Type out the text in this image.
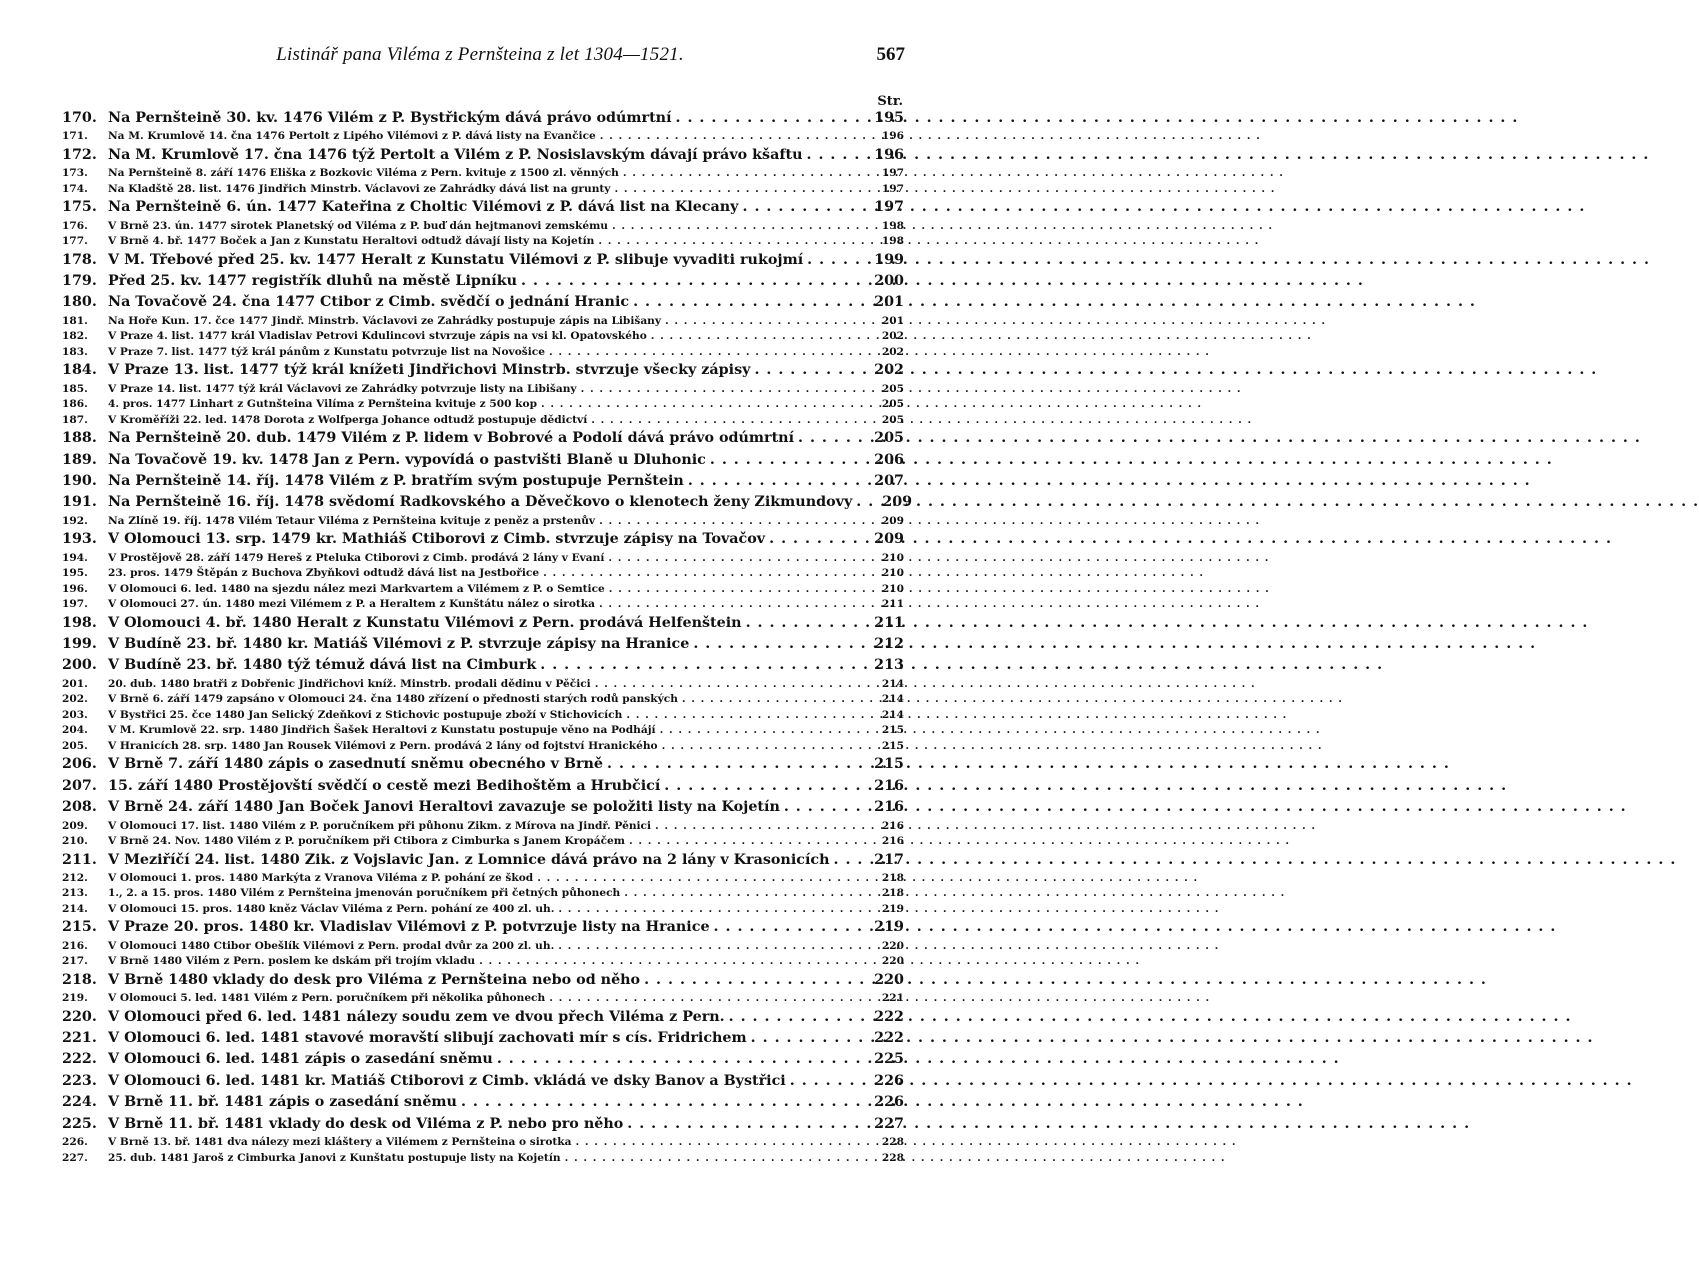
Listinář pana Viléma z Pernšteina z let 1304—1521.	567
Str.
170. Na Pernšteině 30. kv. 1476 Vilém z P. Bystřickým dává právo odúmrtní . . .	195
171.	Na M. Krumlově 14. čna 1476 Pertolt z Lipého Vilémovi z P. dává listy na Evančice . . .	196
172. Na M. Krumlově 17. čna 1476 týž Pertolt a Vilém z P. Nosislavským dávají právo kšaftu . . .	196
173.	Na Pernšteině 8. září 1476 Eliška z Bozkovic Viléma z Pern. kvituje z 1500 zl. věnných . . .	197
174.	Na Kladště 28. list. 1476 Jindřich Minstrb. Václavovi ze Zahrádky dává list na grunty . . .	197
175. Na Pernšteině 6. ún. 1477 Kateřina z Choltic Vilémovi z P. dává list na Klecany . . .	197
176.	V Brně 23. ún. 1477 sirotek Planetský od Viléma z P. buď dán hejtmanovi zemskému . . .	198
177.	V Brně 4. bř. 1477 Boček a Jan z Kunstatu Heraltovi odtudž dávají listy na Kojetín . . .	198
178. V M. Třebové před 25. kv. 1477 Heralt z Kunstatu Vilémovi z P. slibuje vyvaditi rukojmí . . .	199
179. Před 25. kv. 1477 registřík dluhů na městě Lipníku . . .	200
180. Na Tovačově 24. čna 1477 Ctibor z Cimb. svědčí o jednání Hranic . . .	201
181.	Na Hoře Kun. 17. čce 1477 Jindř. Minstrb. Václavovi ze Zahrádky postupuje zápis na Libišany . . .	201
182.	V Praze 4. list. 1477 král Vladislav Petrovi Kdulincovi stvrzuje zápis na vsi kl. Opatovského . . .	202
183.	V Praze 7. list. 1477 týž král pánům z Kunstatu potvrzuje list na Novošice . . .	202
184. V Praze 13. list. 1477 týž král knížeti Jindřichovi Minstrb. stvrzuje všecky zápisy . . .	202
185.	V Praze 14. list. 1477 týž král Václavovi ze Zahrádky potvrzuje listy na Libišany . . .	205
186.	4. pros. 1477 Linhart z Gutnšteina Vilíma z Pernšteina kvituje z 500 kop . . .	205
187.	V Kroměříži 22. led. 1478 Dorota z Wolfperga Johance odtudž postupuje dědictví . . .	205
188. Na Pernšteině 20. dub. 1479 Vilém z P. lidem v Bobrové a Podolí dává právo odúmrtní . . .	205
189. Na Tovačově 19. kv. 1478 Jan z Pern. vypovídá o pastvišti Blaně u Dluhonic . . .	206
190. Na Pernšteině 14. říj. 1478 Vilém z P. bratřím svým postupuje Pernštein . . .	207
191. Na Pernšteině 16. říj. 1478 svědomí Radkovského a Děvečkovo o klenotech ženy Zikmundovy . . . 209
192.	Na Zlíně 19. říj. 1478 Vilém Tetaur Viléma z Pernšteina kvituje z peněz a prstenův . . .	209
193. V Olomouci 13. srp. 1479 kr. Mathiáš Ctiborovi z Cimb. stvrzuje zápisy na Tovačov . . .	209
194.	V Prostějově 28. září 1479 Hereš z Pteluka Ctiborovi z Cimb. prodává 2 lány v Evaní . . .	210
195.	23. pros. 1479 Štěpán z Buchova Zbyňkovi odtudž dává list na Jestbořice . . .	210
196.	V Olomouci 6. led. 1480 na sjezdu nález mezi Markvartem a Vilémem z P. o Semtice . . .	210
197.	V Olomouci 27. ún. 1480 mezi Vilémem z P. a Heraltem z Kunštátu nález o sirotka . . .	211
198. V Olomouci 4. bř. 1480 Heralt z Kunstatu Vilémovi z Pern. prodává Helfenštein . . .	211
199. V Budíně 23. bř. 1480 kr. Matiáš Vilémovi z P. stvrzuje zápisy na Hranice . . .	212
200. V Budíně 23. bř. 1480 týž témuž dává list na Cimburk . . .	213
201.	20. dub. 1480 bratři z Dobřenic Jindřichovi kníž. Minstrb. prodali dědinu v Pěčici . . .	214
202.	V Brně 6. září 1479 zapsáno v Olomouci 24. čna 1480 zřízení o přednosti starých rodů panských . . .	214
203.	V Bystřici 25. čce 1480 Jan Selický Zdeňkovi z Stichovic postupuje zboží v Stichovicích . . .	214
204.	V M. Krumlově 22. srp. 1480 Jindřich Šašek Heraltovi z Kunstatu postupuje věno na Podhájí . . .	215
205.	V Hranicích 28. srp. 1480 Jan Rousek Vilémovi z Pern. prodává 2 lány od fojtství Hranického . . .	215
206. V Brně 7. září 1480 zápis o zasednutí sněmu obecného v Brně . . .	215
207. 15. září 1480 Prostějovští svědčí o cestě mezi Bedihoštěm a Hrubčicí . . .	216
208. V Brně 24. září 1480 Jan Boček Janovi Heraltovi zavazuje se položiti listy na Kojetín . . .	216
209.	V Olomouci 17. list. 1480 Vilém z P. poručníkem při půhonu Zikm. z Mírova na Jindř. Pěnici . . .	216
210.	V Brně 24. Nov. 1480 Vilém z P. poručníkem při Ctibora z Cimburka s Janem Kropáčem . . .	216
211. V Meziříčí 24. list. 1480 Zik. z Vojslavic Jan. z Lomnice dává právo na 2 lány v Krasonicích . . .	217
212.	V Olomouci 1. pros. 1480 Markýta z Vranova Viléma z P. pohání ze škod . . .	218
213.	1., 2. a 15. pros. 1480 Vilém z Pernšteina jmenován poručníkem při četných půhonech . . .	218
214.	V Olomouci 15. pros. 1480 kněz Václav Viléma z Pern. pohání ze 400 zl. uh. . . .	219
215. V Praze 20. pros. 1480 kr. Vladislav Vilémovi z P. potvrzuje listy na Hranice . . .	219
216.	V Olomouci 1480 Ctibor Obešlík Vilémovi z Pern. prodal dvůr za 200 zl. uh. . . .	220
217.	V Brně 1480 Vilém z Pern. poslem ke dskám při trojím vkladu . . .	220
218. V Brně 1480 vklady do desk pro Viléma z Pernšteina nebo od něho . . .	220
219.	V Olomouci 5. led. 1481 Vilém z Pern. poručníkem při několika půhonech . . .	221
220. V Olomouci před 6. led. 1481 nálezy soudu zem ve dvou přech Viléma z Pern. . . .	222
221. V Olomouci 6. led. 1481 stavové moravští slibují zachovati mír s cís. Fridrichem . . .	222
222. V Olomouci 6. led. 1481 zápis o zasedání sněmu . . .	225
223. V Olomouci 6. led. 1481 kr. Matiáš Ctiborovi z Cimb. vkládá ve dsky Banov a Bystřici . . .	226
224. V Brně 11. bř. 1481 zápis o zasedání sněmu . . .	226
225. V Brně 11. bř. 1481 vklady do desk od Viléma z P. nebo pro něho . . .	227
226.	V Brně 13. bř. 1481 dva nálezy mezi kláštery a Vilémem z Pernšteina o sirotka . . .	228
227.	25. dub. 1481 Jaroš z Cimburka Janovi z Kunštatu postupuje listy na Kojetín . . .	228
